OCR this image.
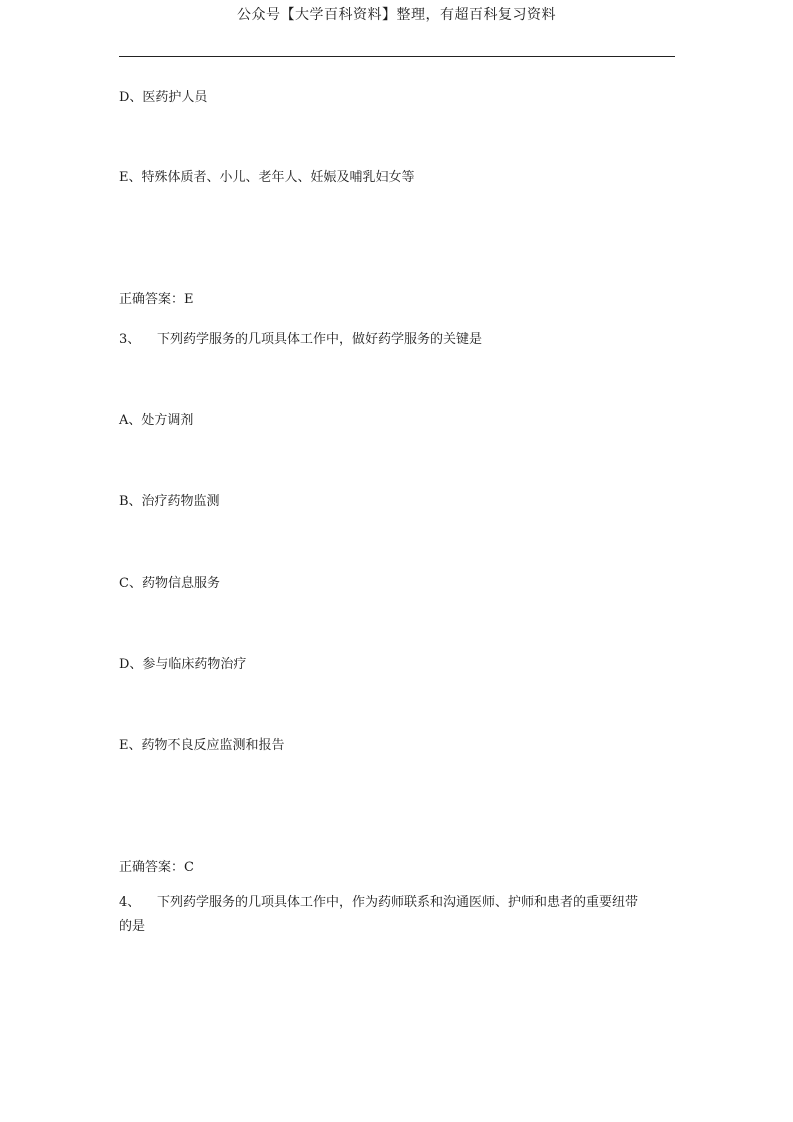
公众号【大学百科资料】整理，有超百科复习资料
D、医药护人员
E、特殊体质者、小儿、老年人、妊娠及哺乳妇女等
正确答案：E
3、 下列药学服务的几项具体工作中，做好药学服务的关键是
A、处方调剂
B、治疗药物监测
C、药物信息服务
D、参与临床药物治疗
E、药物不良反应监测和报告
正确答案：C
4、 下列药学服务的几项具体工作中，作为药师联系和沟通医师、护师和患者的重要纽带
的是
